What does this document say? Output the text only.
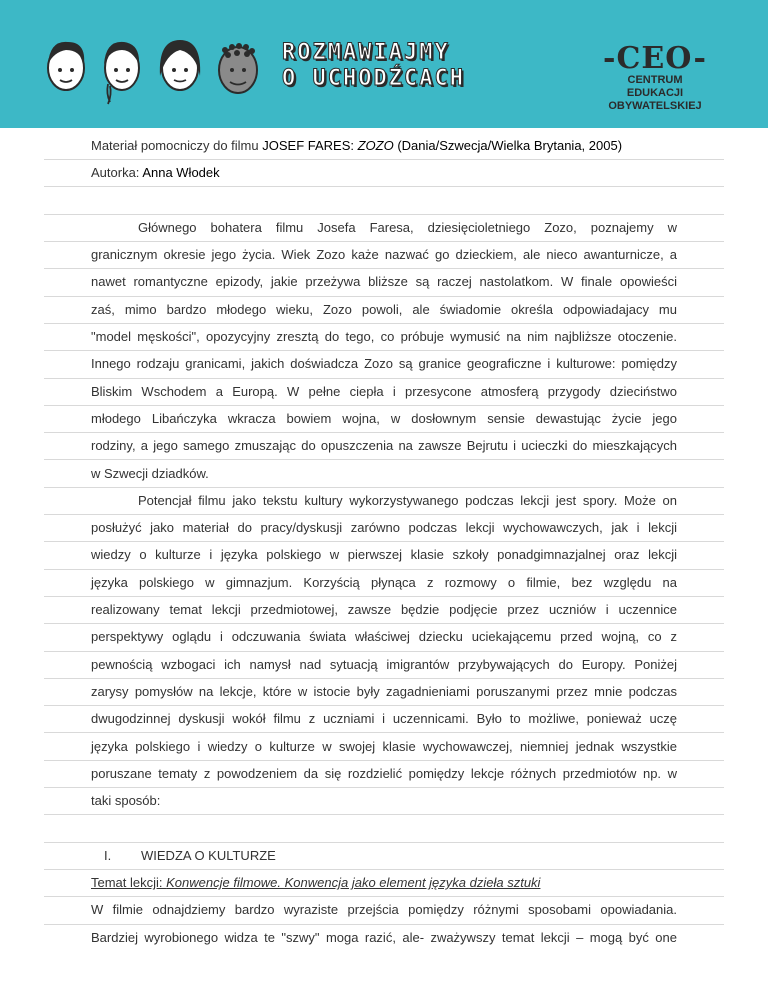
ROZMAWIAJMY
O UCHODŹCACH
-CEO-
CENTRUM EDUKACJI
OBYWATELSKIEJ
Materiał pomocniczy do filmu JOSEF FARES: ZOZO (Dania/Szwecja/Wielka Brytania, 2005)
Autorka: Anna Włodek
Głównego bohatera filmu Josefa Faresa, dziesięcioletniego Zozo, poznajemy w
granicznym okresie jego życia. Wiek Zozo każe nazwać go dzieckiem, ale nieco awanturnicze, a
nawet romantyczne epizody, jakie przeżywa bliższe są raczej nastolatkom. W finale opowieści
zaś, mimo bardzo młodego wieku, Zozo powoli, ale świadomie określa odpowiadajacy mu
"model męskości", opozycyjny zresztą do tego, co próbuje wymusić na nim najbliższe otoczenie.
Innego rodzaju granicami, jakich doświadcza Zozo są granice geograficzne i kulturowe: pomiędzy
Bliskim Wschodem a Europą. W pełne ciepła i przesycone atmosferą przygody dzieciństwo
młodego Libańczyka wkracza bowiem wojna, w dosłownym sensie dewastując życie jego
rodziny, a jego samego zmuszając do opuszczenia na zawsze Bejrutu i ucieczki do mieszkających
w Szwecji dziadków.
Potencjał filmu jako tekstu kultury wykorzystywanego podczas lekcji jest spory. Może on
posłużyć jako materiał do pracy/dyskusji zarówno podczas lekcji wychowawczych, jak i lekcji
wiedzy o kulturze i języka polskiego w pierwszej klasie szkoły ponadgimnazjalnej oraz lekcji
języka polskiego w gimnazjum. Korzyścią płynąca z rozmowy o filmie, bez względu na
realizowany temat lekcji przedmiotowej, zawsze będzie podjęcie przez uczniów i uczennice
perspektywy oglądu i odczuwania świata właściwej dziecku uciekającemu przed wojną, co z
pewnością wzbogaci ich namysł nad sytuacją imigrantów przybywających do Europy. Poniżej
zarysy pomysłów na lekcje, które w istocie były zagadnieniami poruszanymi przez mnie podczas
dwugodzinnej dyskusji wokół filmu z uczniami i uczennicami. Było to możliwe, ponieważ uczę
języka polskiego i wiedzy o kulturze w swojej klasie wychowawczej, niemniej jednak wszystkie
poruszane tematy z powodzeniem da się rozdzielić pomiędzy lekcje różnych przedmiotów np. w
taki sposób:
I. WIEDZA O KULTURZE
Temat lekcji: Konwencje filmowe. Konwencja jako element języka dzieła sztuki
W filmie odnajdziemy bardzo wyraziste przejścia pomiędzy różnymi sposobami opowiadania.
Bardziej wyrobionego widza te "szwy" moga razić, ale- zważywszy temat lekcji – mogą być one
